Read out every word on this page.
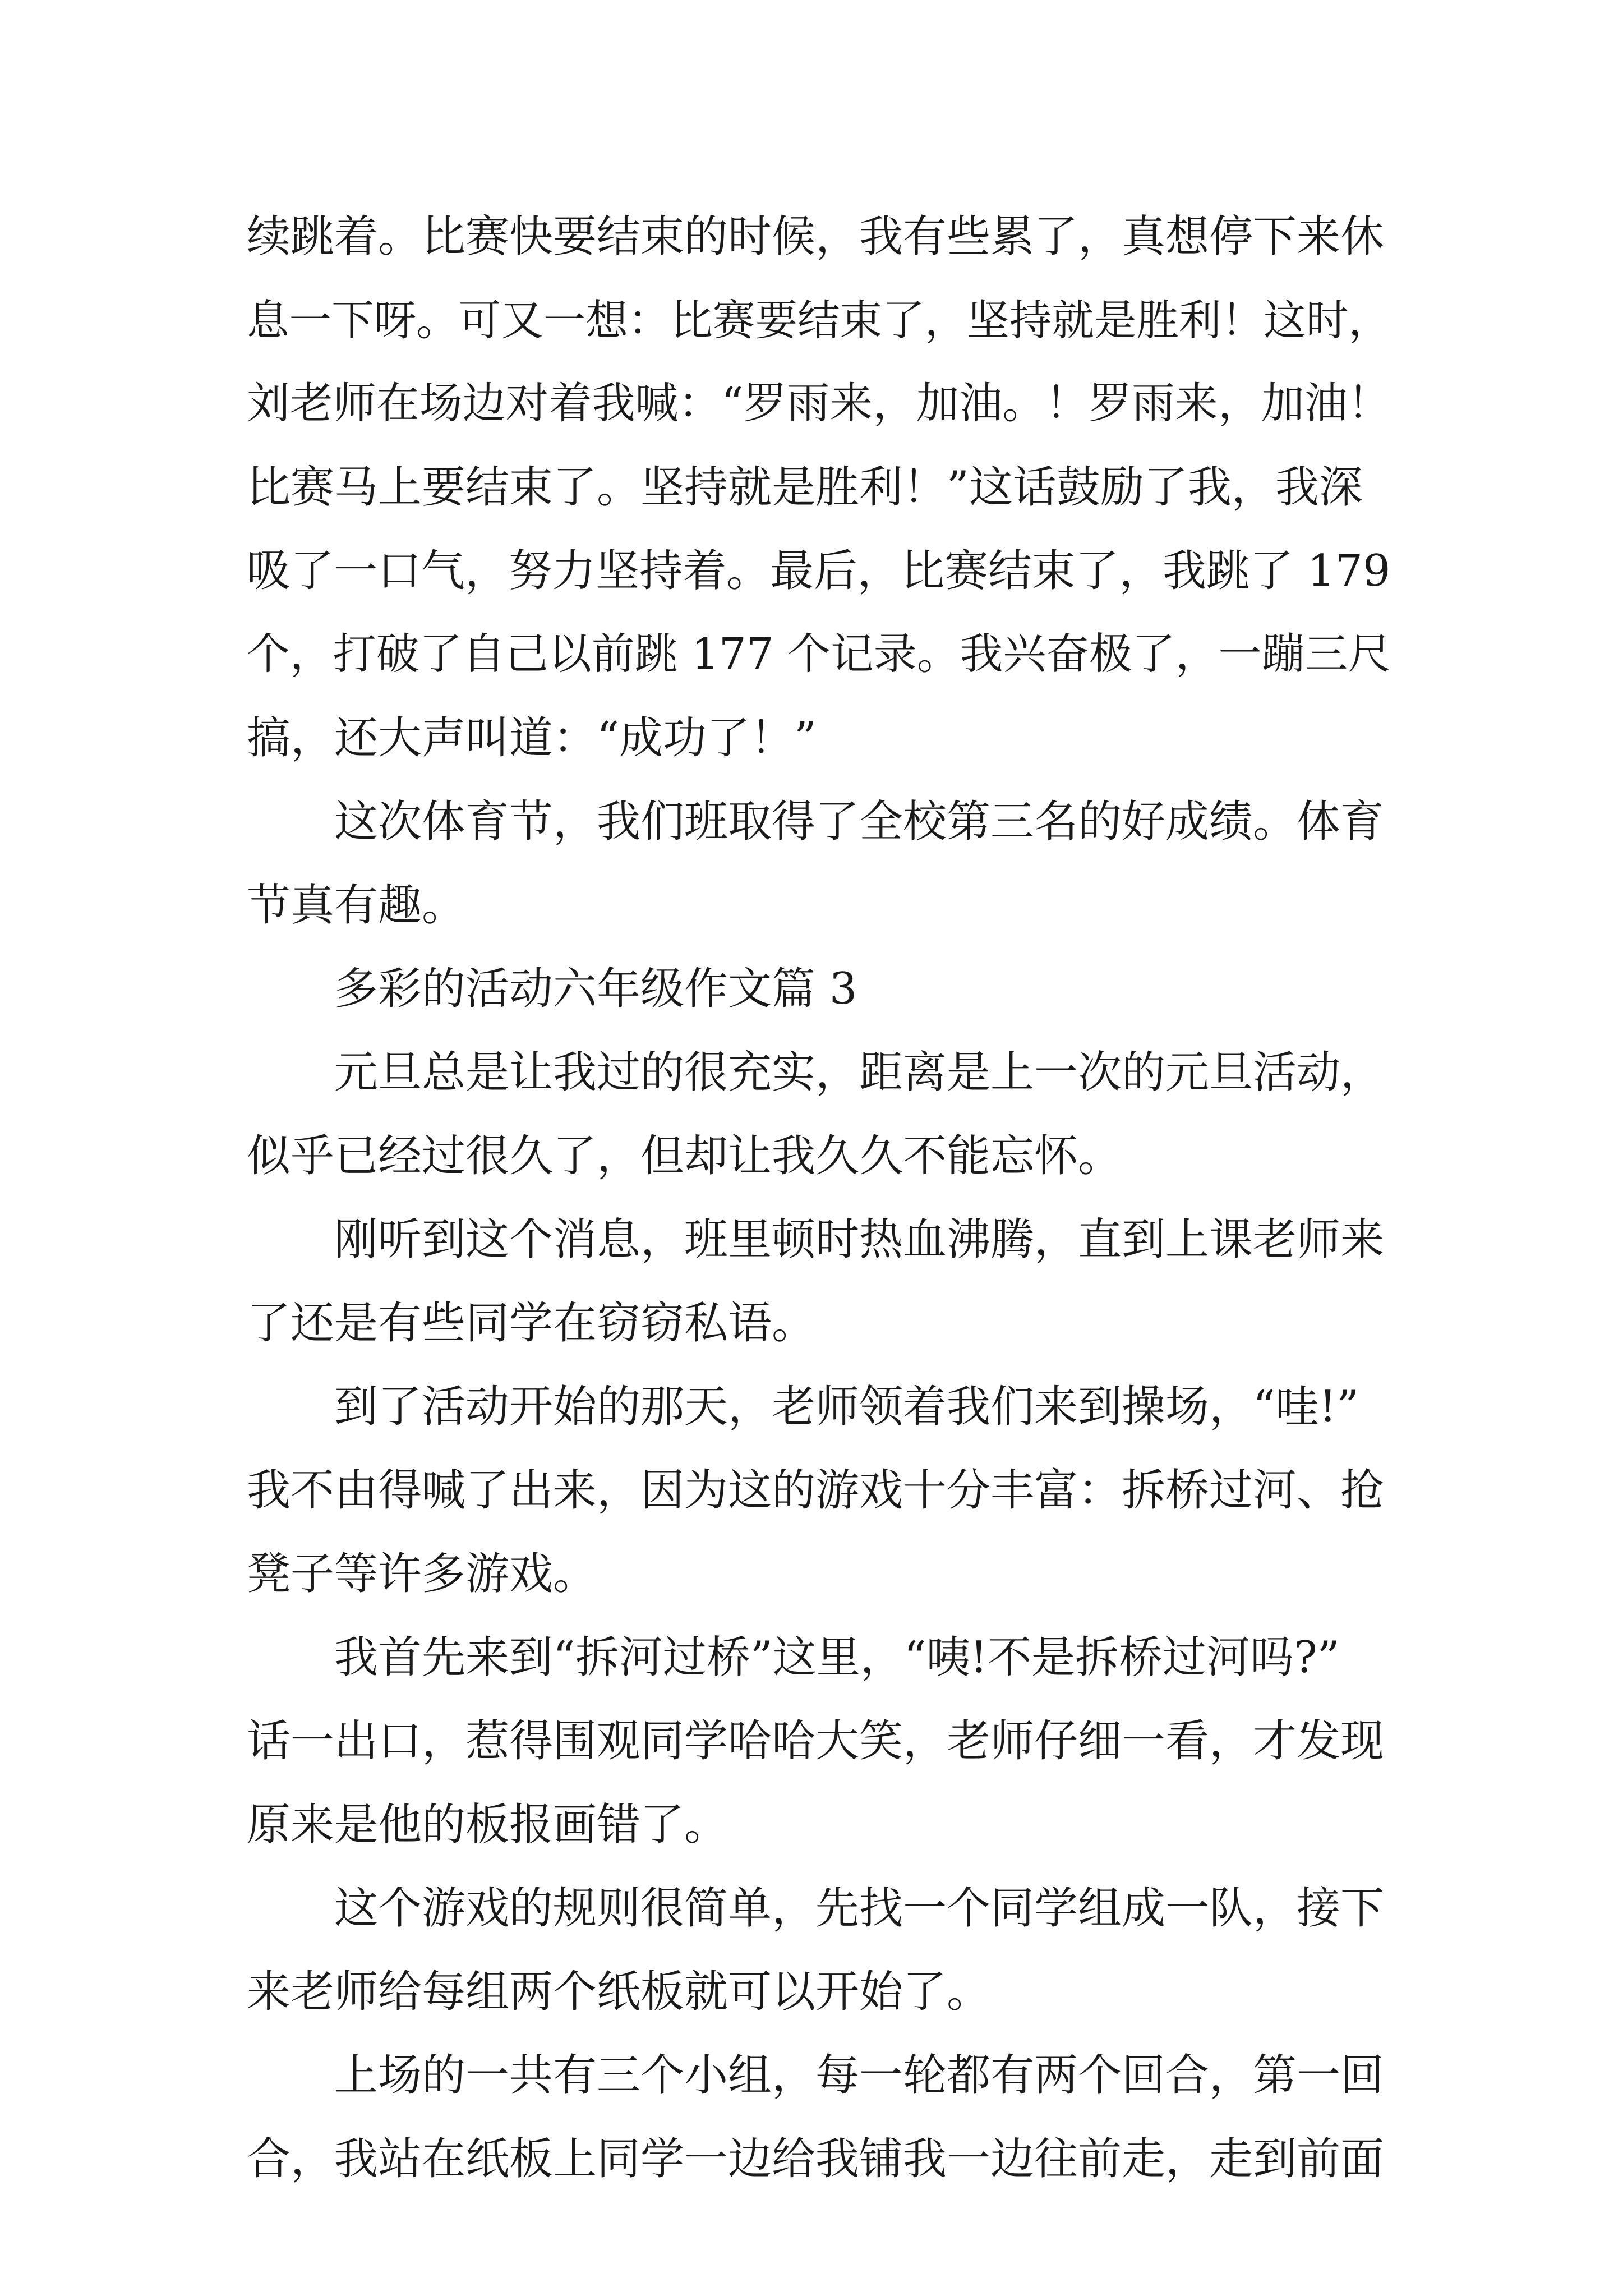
续跳着。比赛快要结束的时候，我有些累了，真想停下来休
息一下呀。可又一想：比赛要结束了，坚持就是胜利！这时，
刘老师在场边对着我喊：“罗雨来，加油。！罗雨来，加油！
比赛马上要结束了。坚持就是胜利！”这话鼓励了我，我深
吸了一口气，努力坚持着。最后，比赛结束了，我跳了 179
个，打破了自己以前跳 177 个记录。我兴奋极了，一蹦三尺
搞，还大声叫道：“成功了！”
这次体育节，我们班取得了全校第三名的好成绩。体育
节真有趣。
多彩的活动六年级作文篇 3
元旦总是让我过的很充实，距离是上一次的元旦活动，
似乎已经过很久了，但却让我久久不能忘怀。
刚听到这个消息，班里顿时热血沸腾，直到上课老师来
了还是有些同学在窃窃私语。
到了活动开始的那天，老师领着我们来到操场，“哇!”
我不由得喊了出来，因为这的游戏十分丰富：拆桥过河、抢
凳子等许多游戏。
我首先来到“拆河过桥”这里，“咦!不是拆桥过河吗?”
话一出口，惹得围观同学哈哈大笑，老师仔细一看，才发现
原来是他的板报画错了。
这个游戏的规则很简单，先找一个同学组成一队，接下
来老师给每组两个纸板就可以开始了。
上场的一共有三个小组，每一轮都有两个回合，第一回
合，我站在纸板上同学一边给我铺我一边往前走，走到前面
